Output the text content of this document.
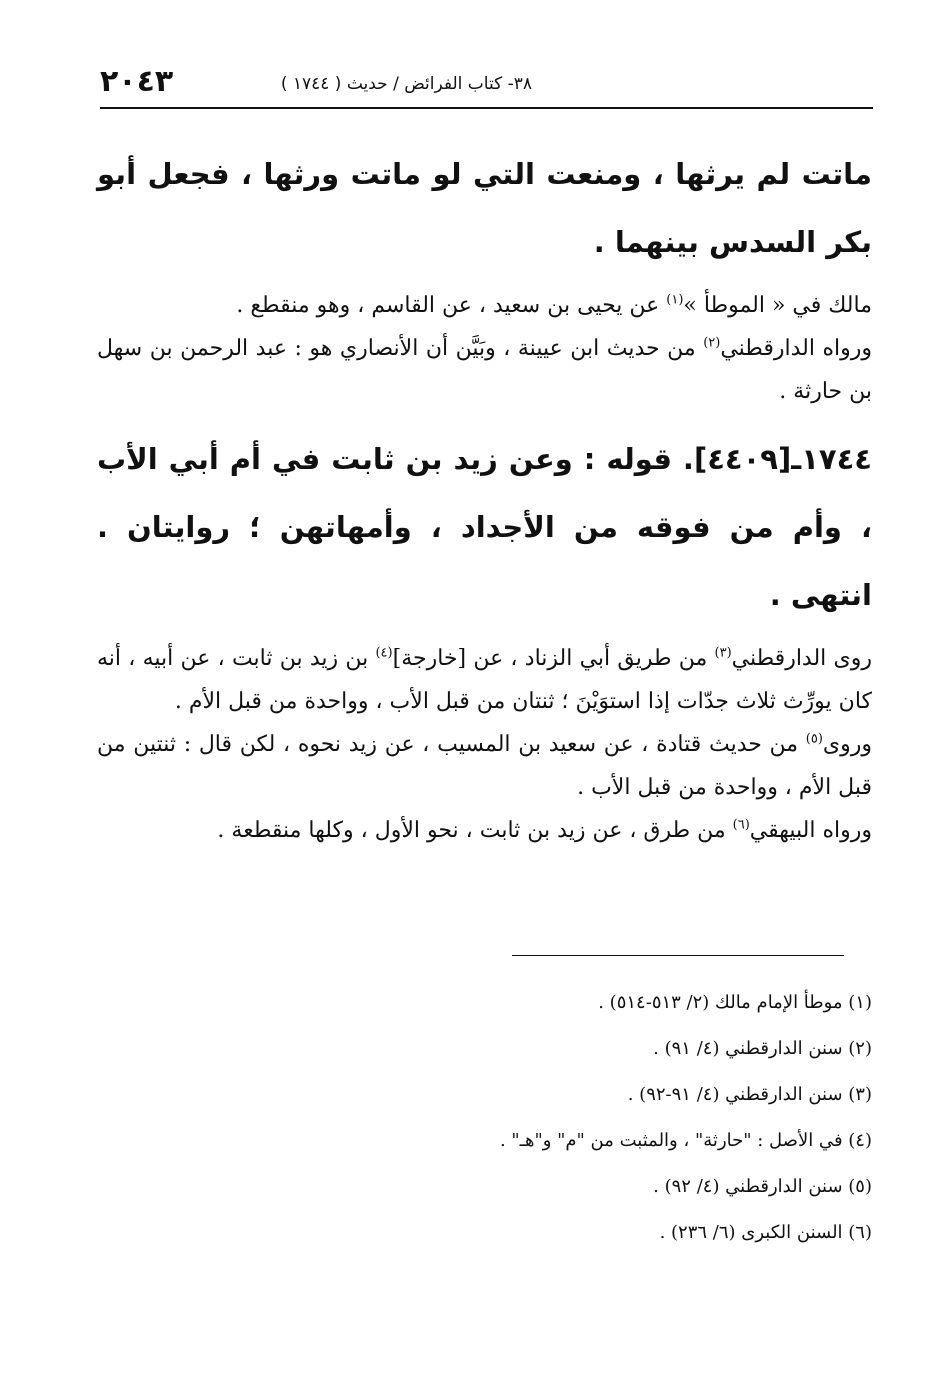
٢٠٤٣	٣٨- كتاب الفرائض / حديث ( ١٧٤٤ )

ماتت لم يرثها ، ومنعت التي لو ماتت ورثها ، فجعل أبو بكر السدس بينهما .

مالك في « الموطأ »$^{(١)}$ عن يحيى بن سعيد ، عن القاسم ، وهو منقطع .

ورواه الدارقطني$^{(٢)}$ من حديث ابن عيينة ، وبَيَّن أن الأنصاري هو : عبد الرحمن بن سهل بن حارثة .

١٧٤٤ـ[٤٤٠٩]. قوله : وعن زيد بن ثابت في أم أبي الأب ، وأم من فوقه من الأجداد ، وأمهاتهن ؛ روايتان . انتهى .

روى الدارقطني$^{(٣)}$ من طريق أبي الزناد ، عن [خارجة]$^{(٤)}$ بن زيد بن ثابت ، عن أبيه ، أنه كان يورِّث ثلاث جدّات إذا استوَيْنَ ؛ ثنتان من قبل الأب ، وواحدة من قبل الأم .

وروى$^{(٥)}$ من حديث قتادة ، عن سعيد بن المسيب ، عن زيد نحوه ، لكن قال : ثنتين من قبل الأم ، وواحدة من قبل الأب .

ورواه البيهقي$^{(٦)}$ من طرق ، عن زيد بن ثابت ، نحو الأول ، وكلها منقطعة .

(١) موطأ الإمام مالك (٢/ ٥١٣-٥١٤) .

(٢) سنن الدارقطني (٤/ ٩١) .

(٣) سنن الدارقطني (٤/ ٩١-٩٢) .

(٤) في الأصل : "حارثة" ، والمثبت من "م" و"هـ" .

(٥) سنن الدارقطني (٤/ ٩٢) .

(٦) السنن الكبرى (٦/ ٢٣٦) .
